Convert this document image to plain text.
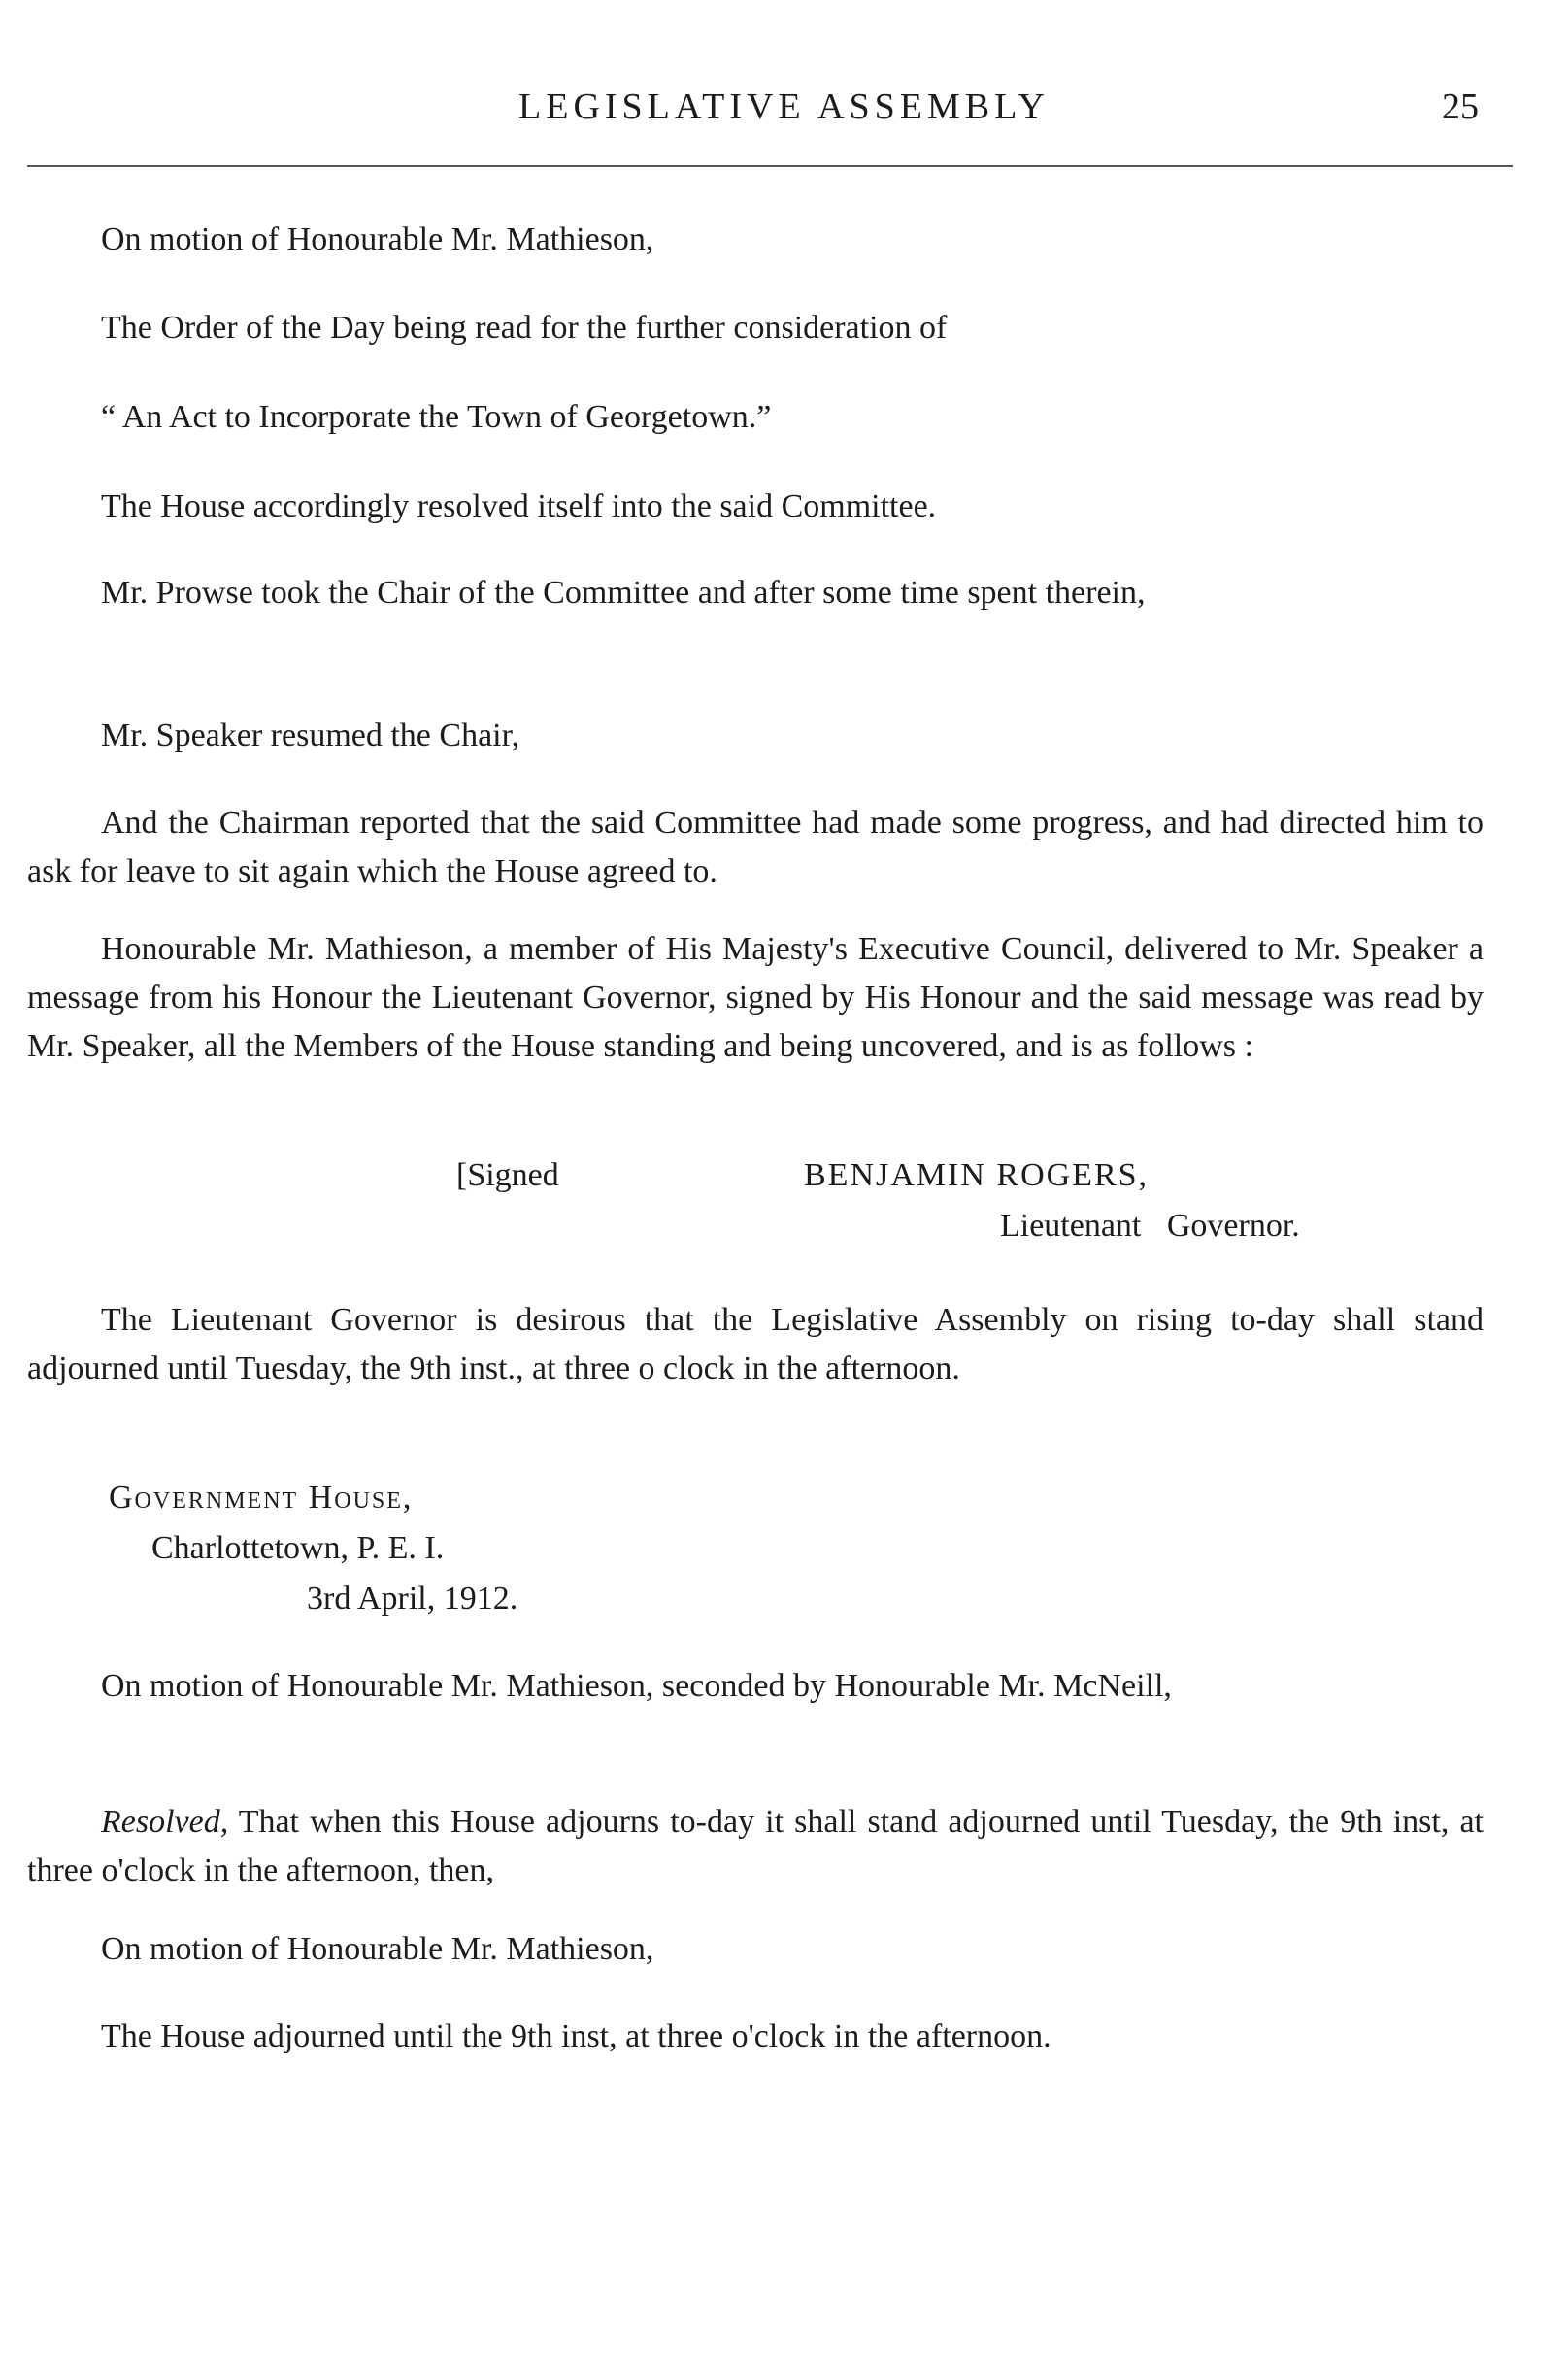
LEGISLATIVE ASSEMBLY	25

On motion of Honourable Mr. Mathieson,

The Order of the Day being read for the further consideration of

“ An Act to Incorporate the Town of Georgetown.”

The House accordingly resolved itself into the said Committee.

Mr. Prowse took the Chair of the Committee and after some time spent therein,

Mr. Speaker resumed the Chair,

And the Chairman reported that the said Committee had made some progress, and had directed him to ask for leave to sit again which the House agreed to.

Honourable Mr. Mathieson, a member of His Majesty's Executive Council, delivered to Mr. Speaker a message from his Honour the Lieutenant Governor, signed by His Honour and the said message was read by Mr. Speaker, all the Members of the House standing and being uncovered, and is as follows :

[Signed	BENJAMIN ROGERS,
Lieutenant Governor.

The Lieutenant Governor is desirous that the Legislative Assembly on rising to-day shall stand adjourned until Tuesday, the 9th inst., at three o clock in the afternoon.

Government House,

Charlottetown, P. E. I.

3rd April, 1912.

On motion of Honourable Mr. Mathieson, seconded by Honourable Mr. McNeill,

Resolved, That when this House adjourns to-day it shall stand adjourned until Tuesday, the 9th inst, at three o'clock in the afternoon, then,

On motion of Honourable Mr. Mathieson,

The House adjourned until the 9th inst, at three o'clock in the afternoon.
